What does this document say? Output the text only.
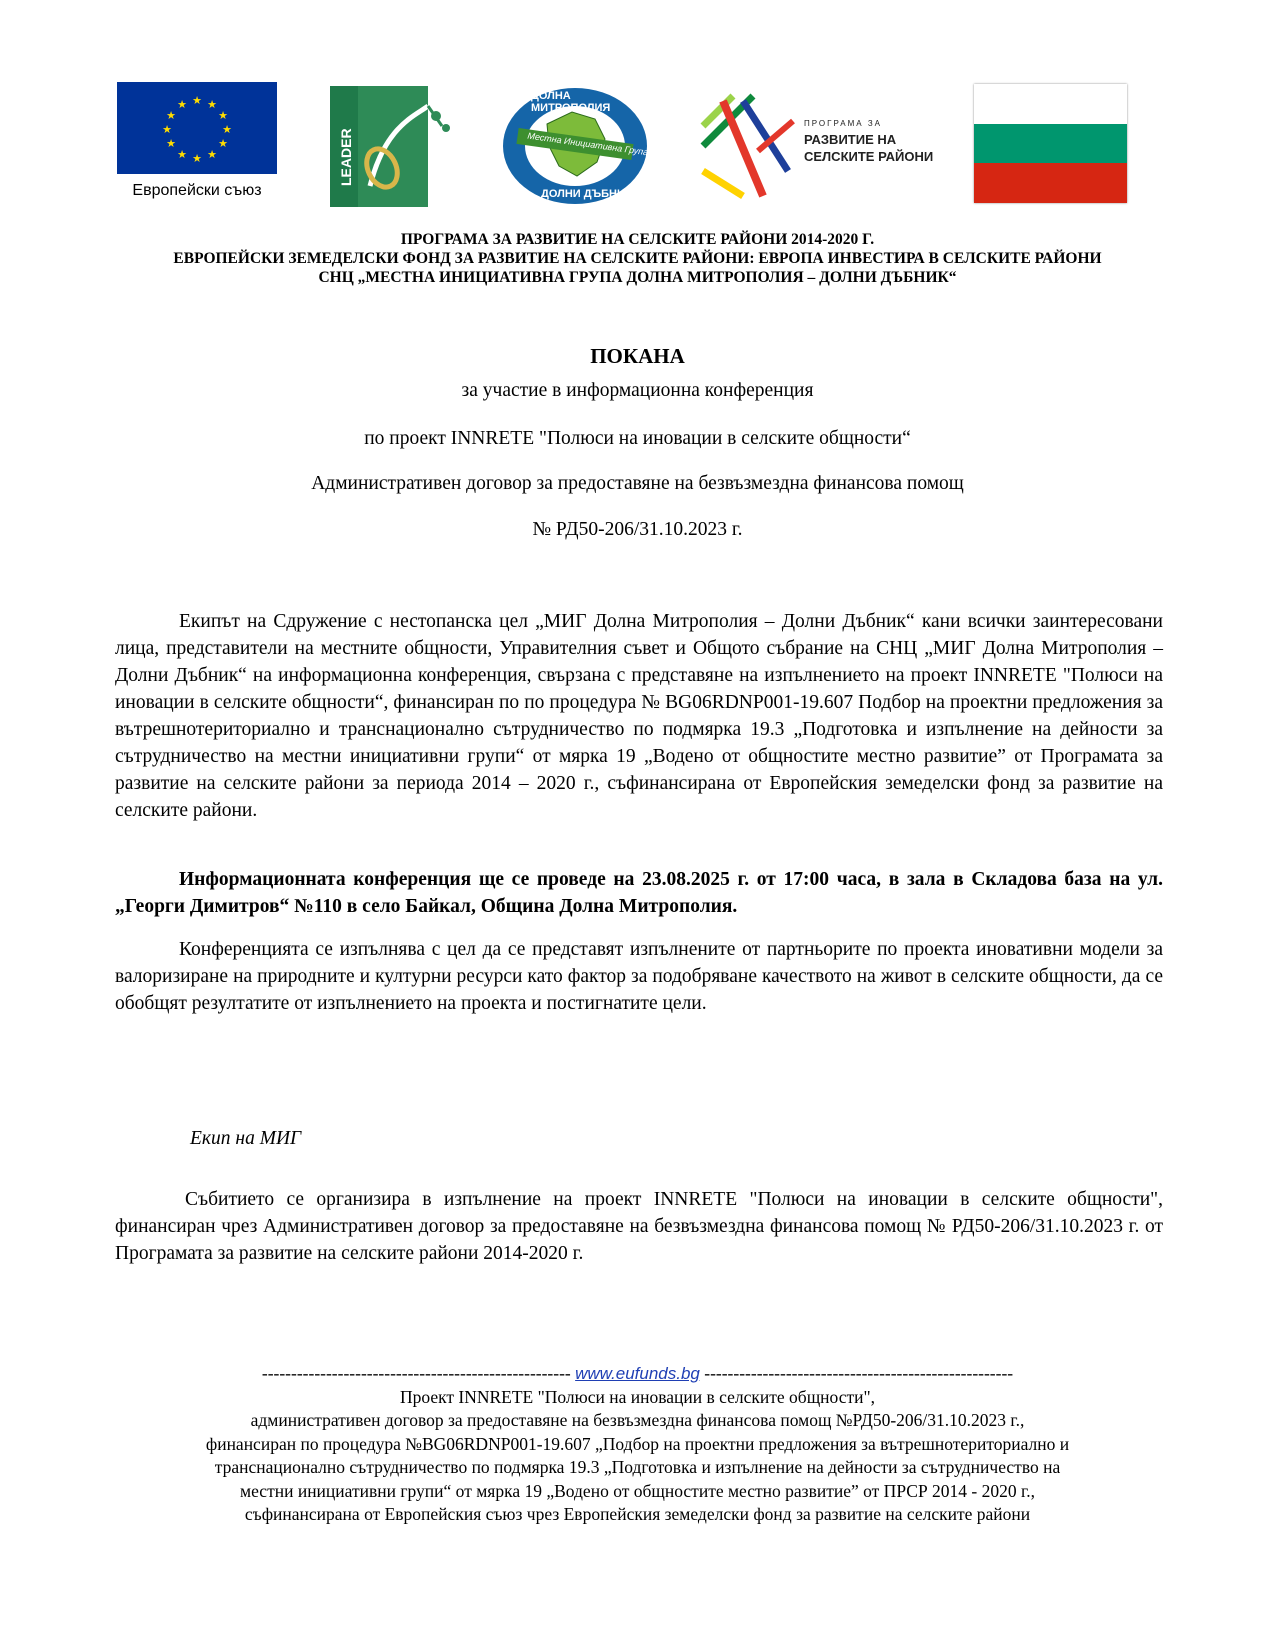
★ ★
★
★
★
★
★
★
★
★
★
★
Европейски съюз
ДОЛНА МИТРОПОЛИЯ
Местна Инициативна Група
ДОЛНИ ДЪБНИК
ПРОГРАМА ЗА
РАЗВИТИЕ НА
СЕЛСКИТЕ РАЙОНИ
ПРОГРАМА ЗА РАЗВИТИЕ НА СЕЛСКИТЕ РАЙОНИ 2014-2020 Г.
ЕВРОПЕЙСКИ ЗЕМЕДЕЛСКИ ФОНД ЗА РАЗВИТИЕ НА СЕЛСКИТЕ РАЙОНИ: ЕВРОПА ИНВЕСТИРА В СЕЛСКИТЕ РАЙОНИ
СНЦ „МЕСТНА ИНИЦИАТИВНА ГРУПА ДОЛНА МИТРОПОЛИЯ – ДОЛНИ ДЪБНИК“
ПОКАНА
за участие в информационна конференция
по проект INNRETE "Полюси на иновации в селските общности“
Административен договор за предоставяне на безвъзмездна финансова помощ
№ РД50-206/31.10.2023 г.
Екипът на Сдружение с нестопанска цел „МИГ Долна Митрополия – Долни Дъбник“ кани всички заинтересовани лица, представители на местните общности, Управителния съвет и Общото събрание на СНЦ „МИГ Долна Митрополия – Долни Дъбник“ на информационна конференция, свързана с представяне на изпълнението на проект INNRETE "Полюси на иновации в селските общности“, финансиран по по процедура № BG06RDNP001-19.607 Подбор на проектни предложения за вътрешнотериториално и транснационално сътрудничество по подмярка 19.3 „Подготовка и изпълнение на дейности за сътрудничество на местни инициативни групи“ от мярка 19 „Водено от общностите местно развитие” от Програмата за развитие на селските райони за периода 2014 – 2020 г., съфинансирана от Европейския земеделски фонд за развитие на селските райони.
Информационната конференция ще се проведе на 23.08.2025 г. от 17:00 часа, в зала в Складова база на ул. „Георги Димитров“ №110 в село Байкал, Община Долна Митрополия.
Конференцията се изпълнява с цел да се представят изпълнените от партньорите по проекта иновативни модели за валоризиране на природните и културни ресурси като фактор за подобряване качеството на живот в селските общности, да се обобщят резултатите от изпълнението на проекта и постигнатите цели.
Екип на МИГ
Събитието се организира в изпълнение на проект INNRETE "Полюси на иновации в селските общности", финансиран чрез Административен договор за предоставяне на безвъзмездна финансова помощ № РД50-206/31.10.2023 г. от Програмата за развитие на селските райони 2014-2020 г.
----------------------------------------------------- www.eufunds.bg -----------------------------------------------------
Проект INNRETE "Полюси на иновации в селските общности",
административен договор за предоставяне на безвъзмездна финансова помощ №РД50-206/31.10.2023 г.,
финансиран по процедура №BG06RDNP001-19.607 „Подбор на проектни предложения за вътрешнотериториално и
транснационално сътрудничество по подмярка 19.3 „Подготовка и изпълнение на дейности за сътрудничество на
местни инициативни групи“ от мярка 19 „Водено от общностите местно развитие” от ПРСР 2014 - 2020 г.,
съфинансирана от Европейския съюз чрез Европейския земеделски фонд за развитие на селските райони
